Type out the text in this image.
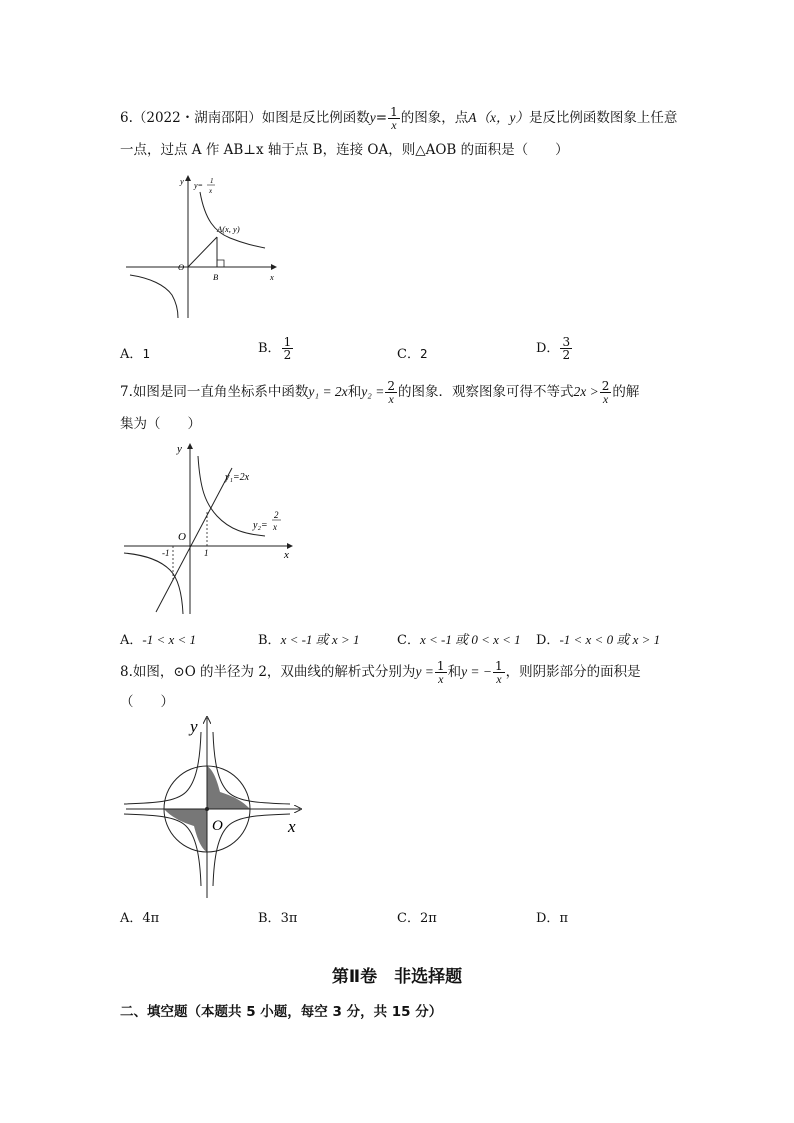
6.（2022・湖南邵阳）如图是反比例函数$y= \frac{1}{x}$ 的图象，点A（x，y）是反比例函数图象上任意
一点，过点 A 作 AB⊥x 轴于点 B，连接 OA，则△AOB 的面积是（　　）
y= 1
x
A(x, y)
O
B	x
y
A．1	B． $\frac{1}{2}$	C．2	D． $\frac{3}{2}$
7.如图是同一直角坐标系中函数y₁ = 2x和$y_2 = \frac{2}{x}$ 的图象．观察图象可得不等式$2x > \frac{2}{x}$ 的解
集为（　　）
y
x
O
-1	1
y₁=2x
y₂=
2
x
A．-1 < x < 1	B．x < -1 或 x > 1	C．x < -1 或 0 < x < 1 D．-1 < x < 0 或 x > 1
8.如图，⊙O 的半径为 2，双曲线的解析式分别为$y = \frac{1}{x}$ 和y = − $\frac{1}{x}$ ，则阴影部分的面积是
（　　）
y
x
O
A．4π	B．3π	C．2π	D．π
第Ⅱ卷　非选择题
二、填空题（本题共 5 小题，每空 3 分，共 15 分）
